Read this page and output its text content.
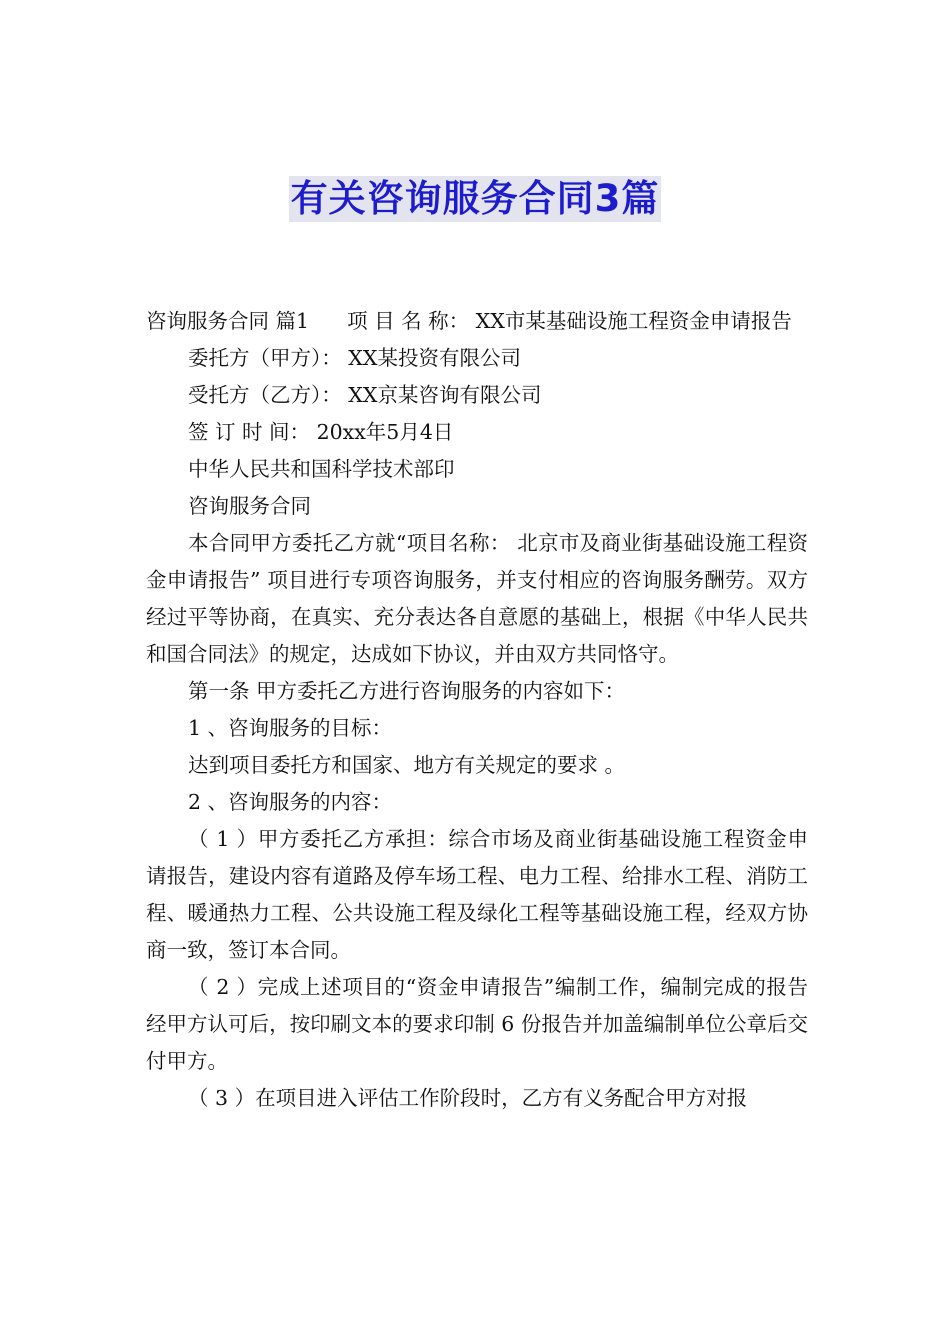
有关咨询服务合同3篇

咨询服务合同 篇1 项 目 名 称： XX市某基础设施工程资金申请报告

委托方（甲方）： XX某投资有限公司

受托方（乙方）： XX京某咨询有限公司

签 订 时 间： 20xx年5月4日

中华人民共和国科学技术部印

咨询服务合同

本合同甲方委托乙方就“项目名称： 北京市及商业街基础设施工程资金申请报告” 项目进行专项咨询服务，并支付相应的咨询服务酬劳。双方经过平等协商，在真实、充分表达各自意愿的基础上，根据《中华人民共和国合同法》的规定，达成如下协议，并由双方共同恪守。

第一条 甲方委托乙方进行咨询服务的内容如下：

1 、咨询服务的目标：

达到项目委托方和国家、地方有关规定的要求 。

2 、咨询服务的内容：

（ 1 ）甲方委托乙方承担：综合市场及商业街基础设施工程资金申请报告，建设内容有道路及停车场工程、电力工程、给排水工程、消防工程、暖通热力工程、公共设施工程及绿化工程等基础设施工程，经双方协商一致，签订本合同。

（ 2 ）完成上述项目的“资金申请报告”编制工作，编制完成的报告经甲方认可后，按印刷文本的要求印制 6 份报告并加盖编制单位公章后交付甲方。

（ 3 ）在项目进入评估工作阶段时，乙方有义务配合甲方对报
